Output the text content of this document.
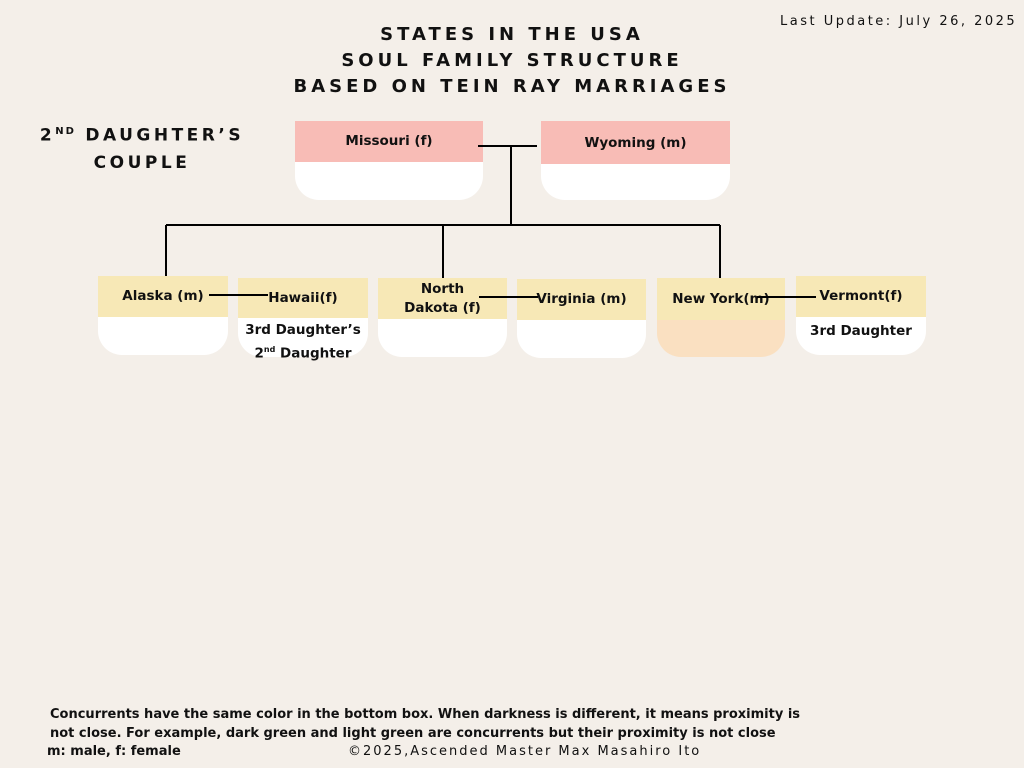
STATES IN THE USA
SOUL FAMILY STRUCTURE
BASED ON TEIN RAY MARRIAGES
Last Update: July 26, 2025
2ND DAUGHTER’S
COUPLE
Missouri (f)	Wyoming (m)
Alaska (m)	Hawaii(f)
3rd Daughter’s
2nd Daughter
North
Dakota (f)
Virginia (m)	New York(m)	Vermont(f)
3rd Daughter
Concurrents have the same color in the bottom box. When darkness is different, it means proximity is not close. For example, dark green and light green are concurrents but their proximity is not close
m: male, f: female	©2025,Ascended Master Max Masahiro Ito
